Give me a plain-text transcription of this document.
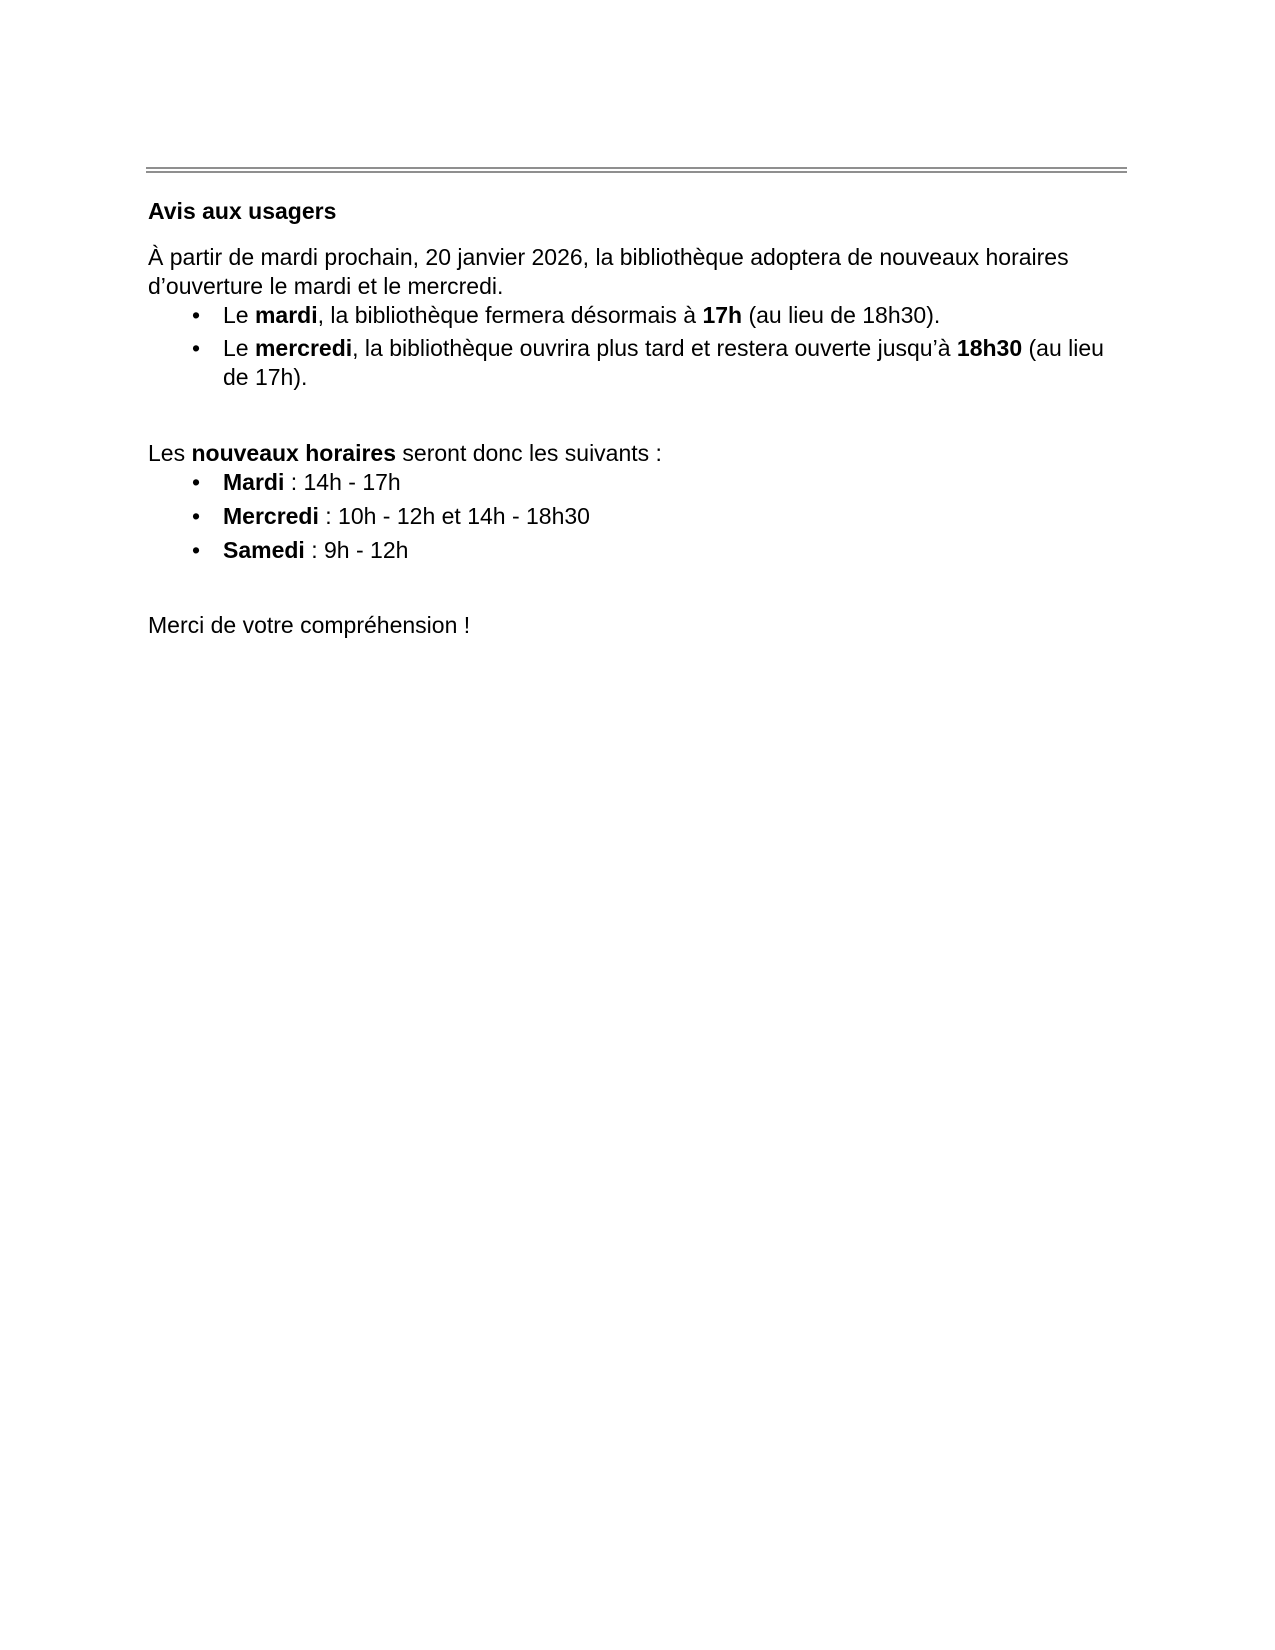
Avis aux usagers

À partir de mardi prochain, 20 janvier 2026, la bibliothèque adoptera de nouveaux horaires d’ouverture le mardi et le mercredi.

• Le mardi, la bibliothèque fermera désormais à 17h (au lieu de 18h30).
• Le mercredi, la bibliothèque ouvrira plus tard et restera ouverte jusqu’à 18h30 (au lieu de 17h).

Les nouveaux horaires seront donc les suivants :

• Mardi : 14h - 17h
• Mercredi : 10h - 12h et 14h - 18h30
• Samedi : 9h - 12h

Merci de votre compréhension !
